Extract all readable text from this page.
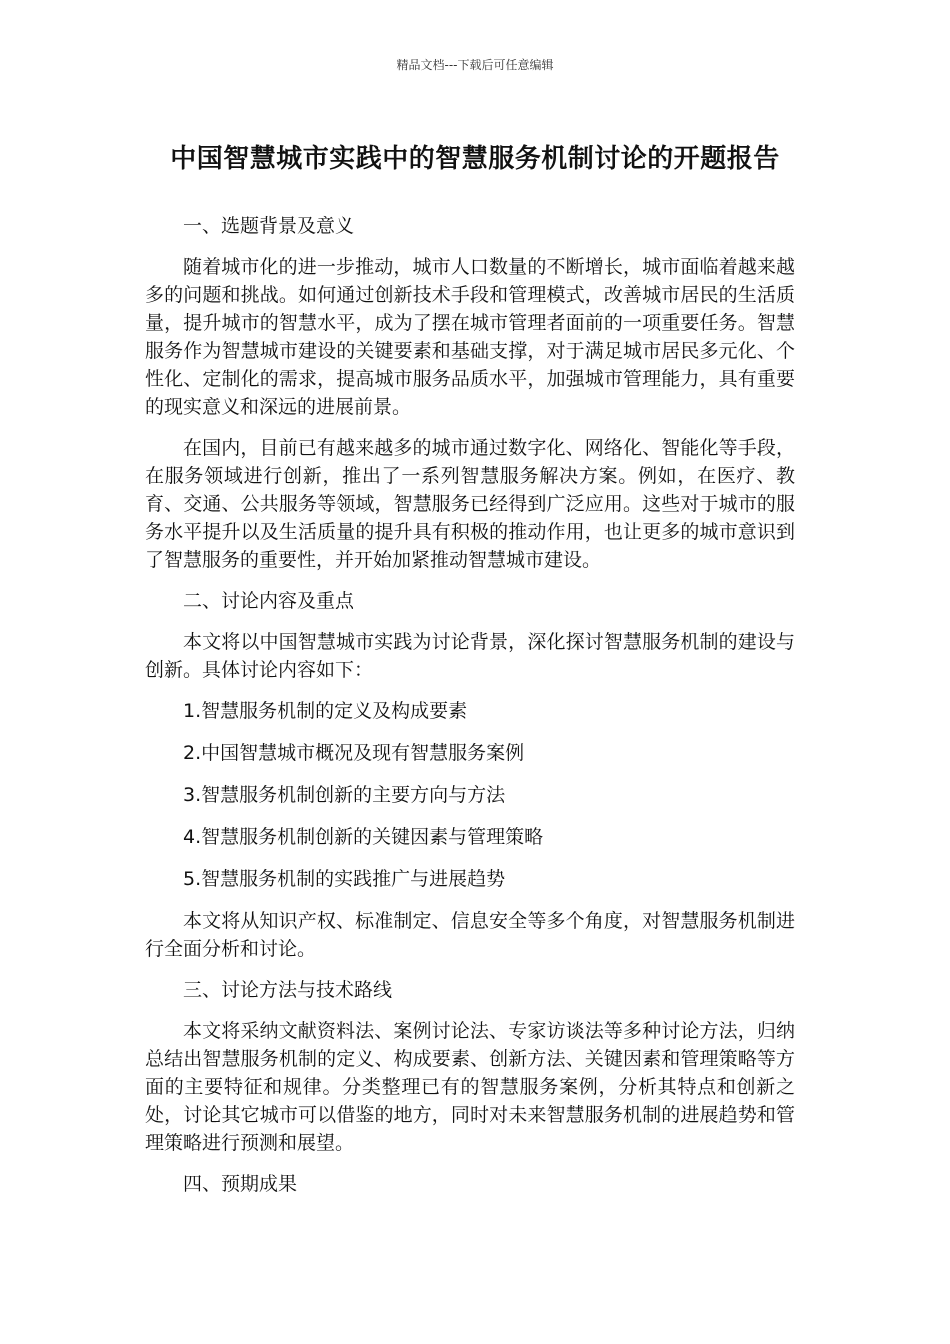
精品文档---下载后可任意编辑
中国智慧城市实践中的智慧服务机制讨论的开题报告

一、选题背景及意义

随着城市化的进一步推动，城市人口数量的不断增长，城市面临着越来越多的问题和挑战。如何通过创新技术手段和管理模式，改善城市居民的生活质量，提升城市的智慧水平，成为了摆在城市管理者面前的一项重要任务。智慧服务作为智慧城市建设的关键要素和基础支撑，对于满足城市居民多元化、个性化、定制化的需求，提高城市服务品质水平，加强城市管理能力，具有重要的现实意义和深远的进展前景。

在国内，目前已有越来越多的城市通过数字化、网络化、智能化等手段，在服务领域进行创新，推出了一系列智慧服务解决方案。例如，在医疗、教育、交通、公共服务等领域，智慧服务已经得到广泛应用。这些对于城市的服务水平提升以及生活质量的提升具有积极的推动作用，也让更多的城市意识到了智慧服务的重要性，并开始加紧推动智慧城市建设。

二、讨论内容及重点

本文将以中国智慧城市实践为讨论背景，深化探讨智慧服务机制的建设与创新。具体讨论内容如下：

1.智慧服务机制的定义及构成要素

2.中国智慧城市概况及现有智慧服务案例

3.智慧服务机制创新的主要方向与方法

4.智慧服务机制创新的关键因素与管理策略

5.智慧服务机制的实践推广与进展趋势

本文将从知识产权、标准制定、信息安全等多个角度，对智慧服务机制进行全面分析和讨论。

三、讨论方法与技术路线

本文将采纳文献资料法、案例讨论法、专家访谈法等多种讨论方法，归纳总结出智慧服务机制的定义、构成要素、创新方法、关键因素和管理策略等方面的主要特征和规律。分类整理已有的智慧服务案例，分析其特点和创新之处，讨论其它城市可以借鉴的地方，同时对未来智慧服务机制的进展趋势和管理策略进行预测和展望。

四、预期成果
